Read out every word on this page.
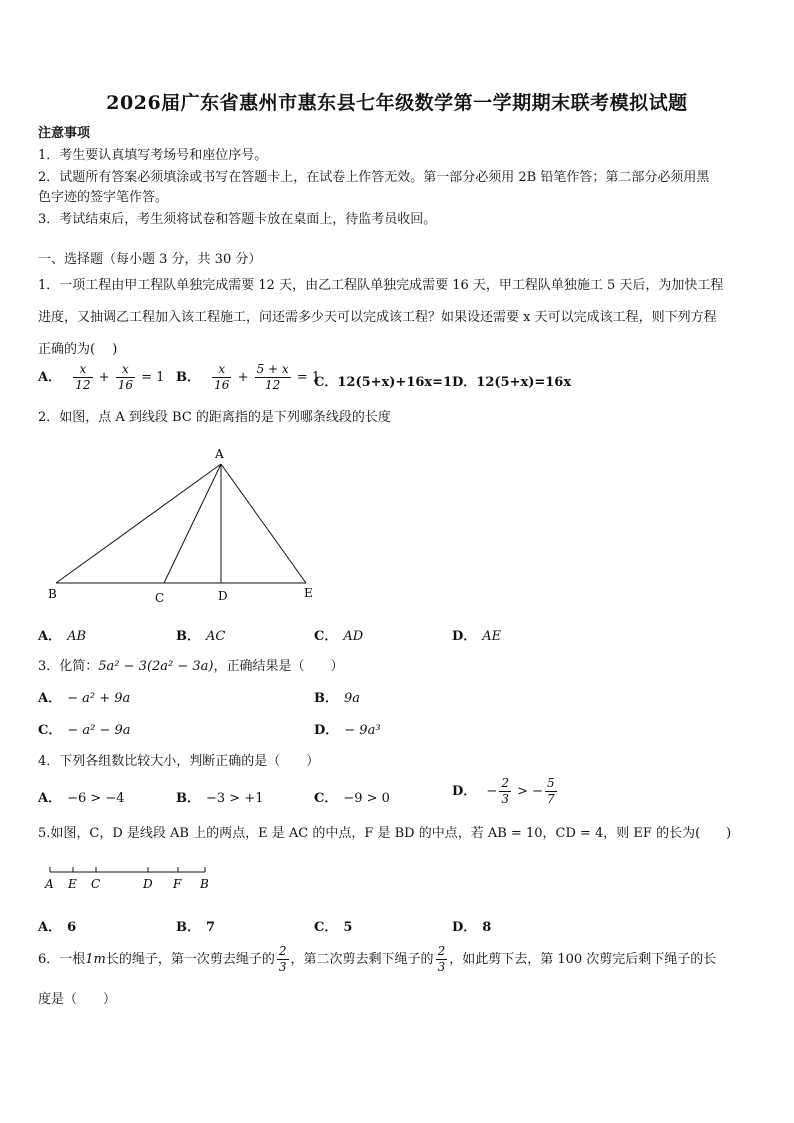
2026届广东省惠州市惠东县七年级数学第一学期期末联考模拟试题
注意事项
1．考生要认真填写考场号和座位序号。
2．试题所有答案必须填涂或书写在答题卡上，在试卷上作答无效。第一部分必须用 2B 铅笔作答；第二部分必须用黑
色字迹的签字笔作答。
3．考试结束后，考生须将试卷和答题卡放在桌面上，待监考员收回。
一、选择题（每小题 3 分，共 30 分）
1．一项工程由甲工程队单独完成需要 12 天，由乙工程队单独完成需要 16 天，甲工程队单独施工 5 天后，为加快工程
进度，又抽调乙工程加入该工程施工，问还需多少天可以完成该工程？如果设还需要 x 天可以完成该工程，则下列方程
正确的为(　 )
A． $\frac{x}{12} + \frac{x}{16} = 1$ B． $\frac{x}{16} + \frac{5 + x}{12} = 1$
C．12(5+x)+16x=1 D．12(5+x)=16x
2．如图，点 A 到线段 BC 的距离指的是下列哪条线段的长度
A
B	C	D	E
A． AB	B． AC	C． AD	D． AE
3．化简：5a² − 3(2a² − 3a)，正确结果是（　　）
A． − a² + 9a	B． 9a
C． − a² − 9a	D． − 9a³
4．下列各组数比较大小，判断正确的是（　　）
A． −6 > −4	B． −3 > +1	C． −9 > 0	D． − $\frac{2}{3}$ > − $\frac{5}{7}$
5.如图，C，D 是线段 AB 上的两点，E 是 AC 的中点，F 是 BD 的中点，若 AB = 10，CD = 4，则 EF 的长为(　　)
A E C	D F B
A． 6	B． 7	C． 5	D． 8
6．一根1m长的绳子，第一次剪去绳子的 $\frac{2}{3}$ ，第二次剪去剩下绳子的 $\frac{2}{3}$ ，如此剪下去，第 100 次剪完后剩下绳子的长
度是（　　）
